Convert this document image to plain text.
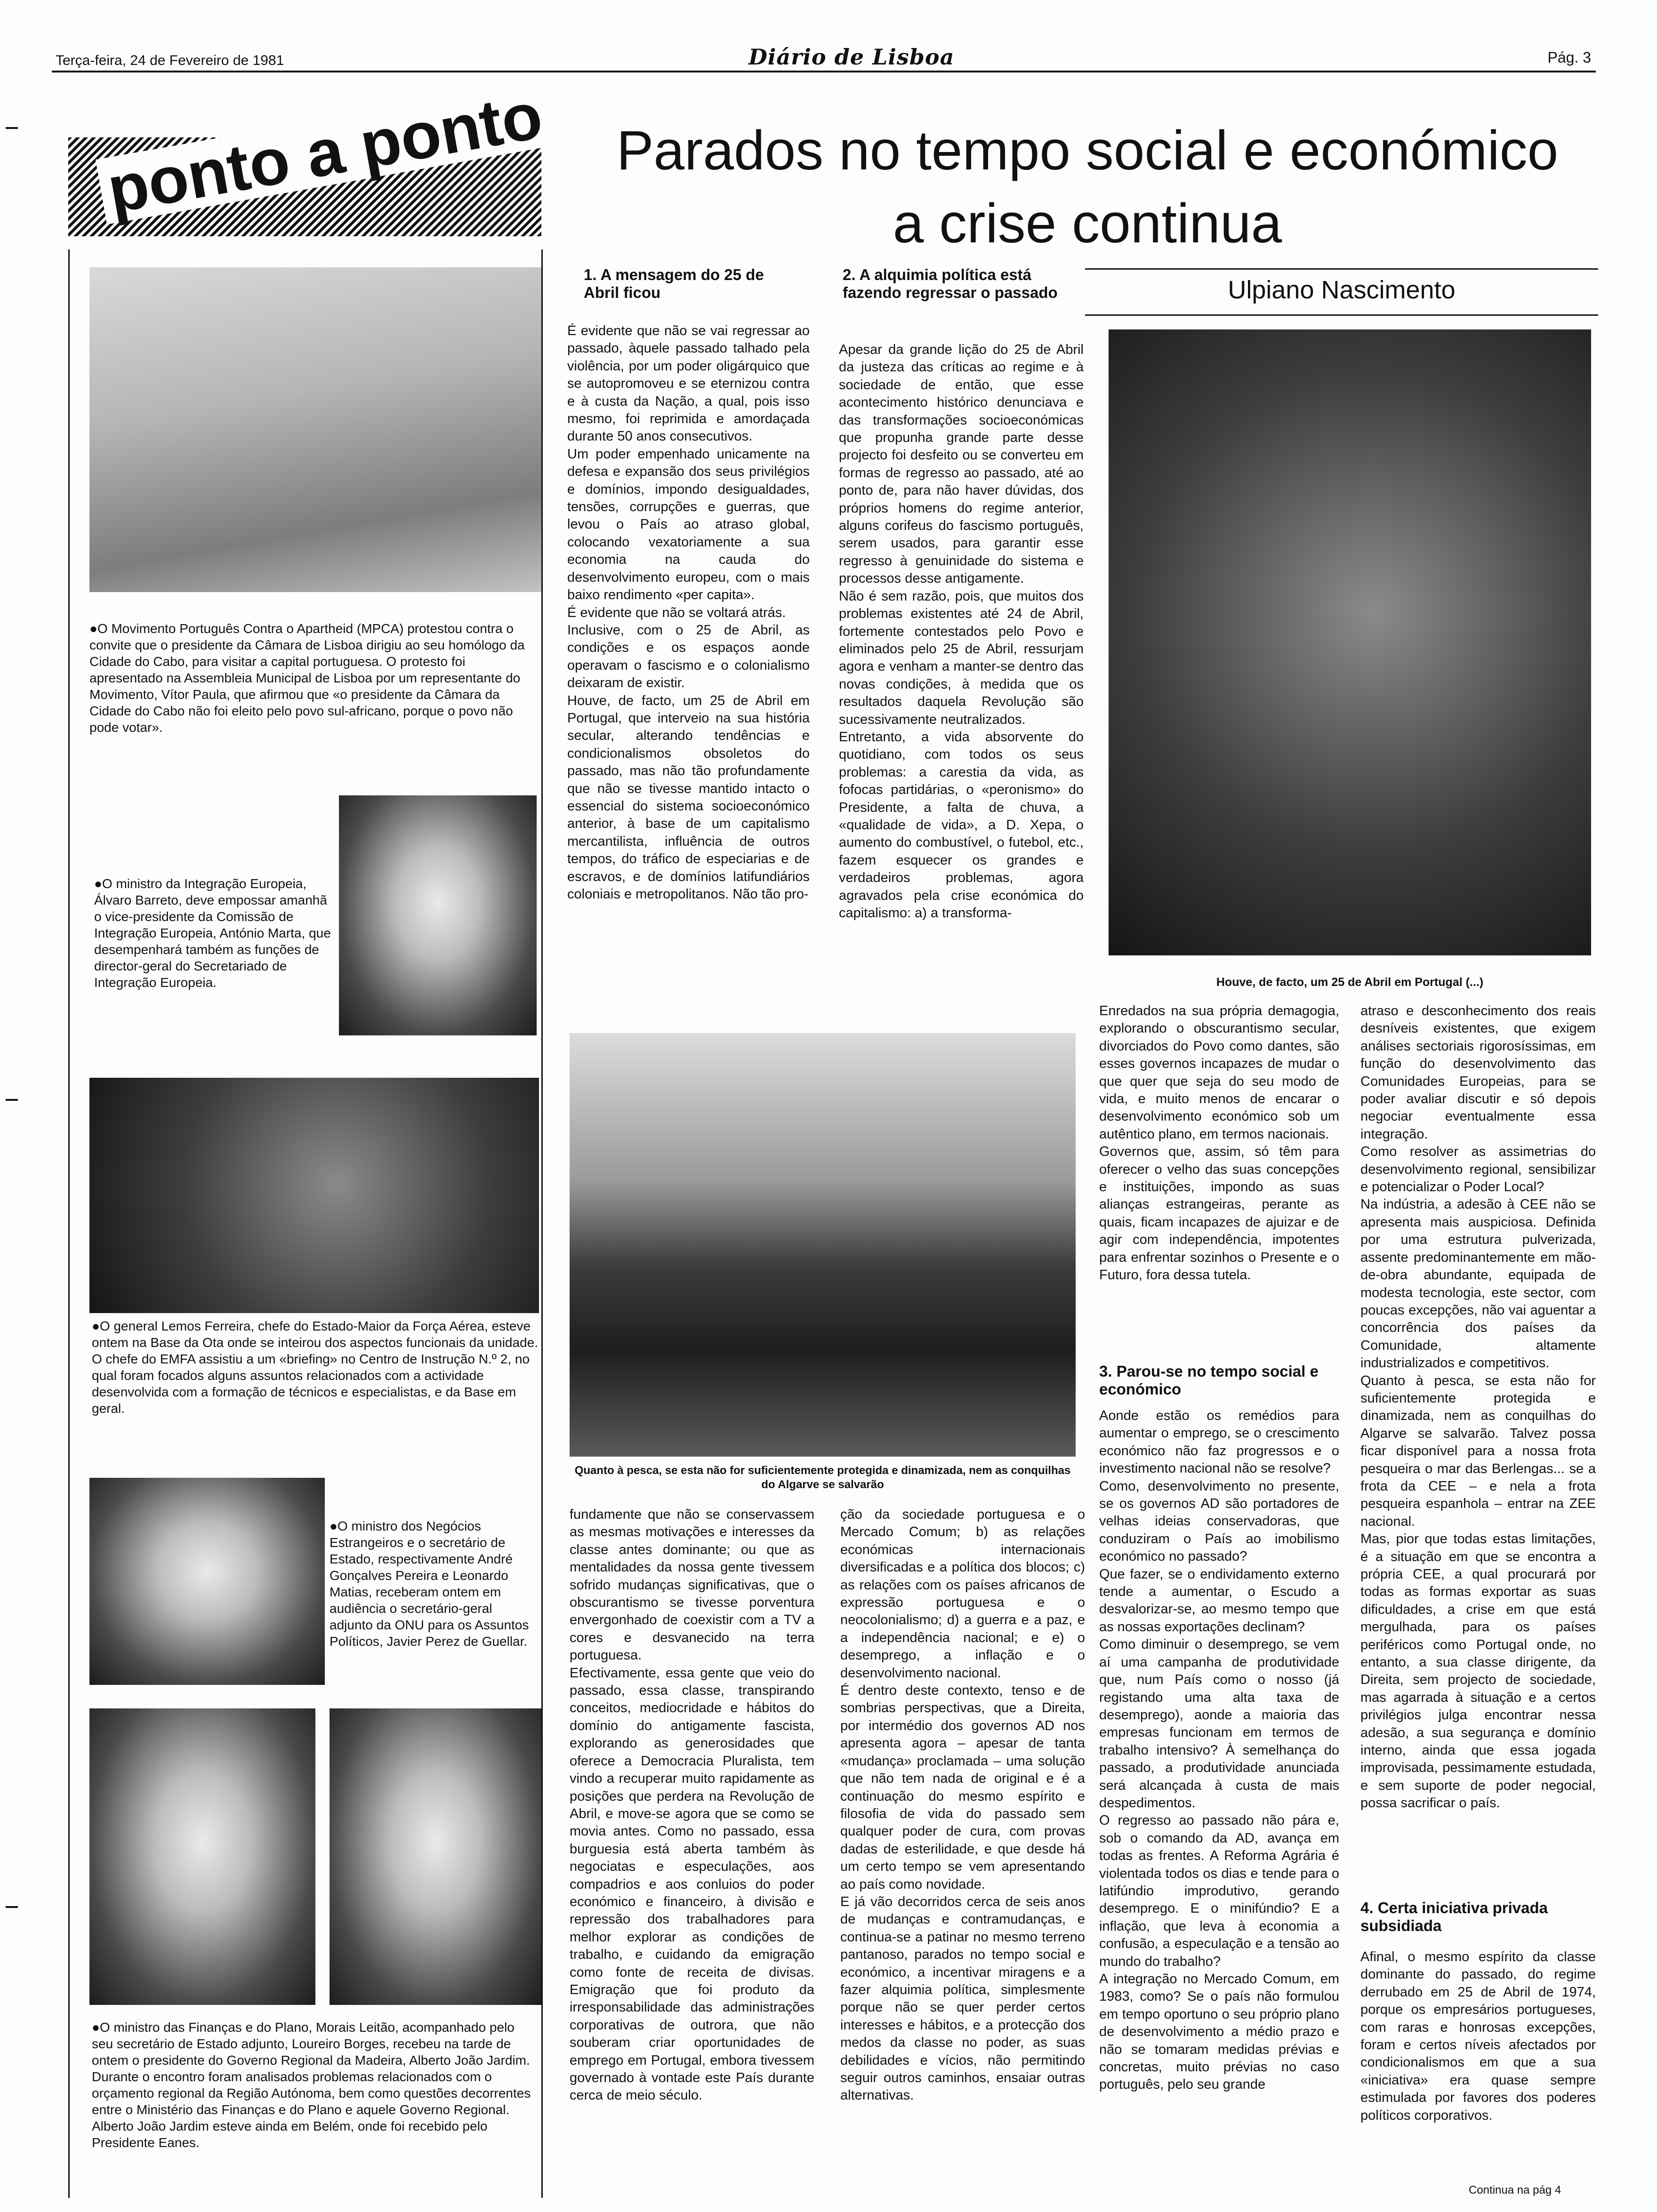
Terça-feira, 24 de Fevereiro de 1981	Diário de Lisboa	Pág. 3
ponto a ponto	Parados no tempo social e económico
a crise continua
●O Movimento Português Contra o Apartheid (MPCA) protestou contra o convite que o presidente da Câmara de Lisboa dirigiu ao seu homólogo da Cidade do Cabo, para visitar a capital portuguesa. O protesto foi apresentado na Assembleia Municipal de Lisboa por um representante do Movimento, Vítor Paula, que afirmou que «o presidente da Câmara da Cidade do Cabo não foi eleito pelo povo sul-africano, porque o povo não pode votar».
●O ministro da Integração Europeia, Álvaro Barreto, deve empossar amanhã o vice-presidente da Comissão de Integração Europeia, António Marta, que desempenhará também as funções de director-geral do Secretariado de Integração Europeia.
●O general Lemos Ferreira, chefe do Estado-Maior da Força Aérea, esteve ontem na Base da Ota onde se inteirou dos aspectos funcionais da unidade. O chefe do EMFA assistiu a um «briefing» no Centro de Instrução N.º 2, no qual foram focados alguns assuntos relacionados com a actividade desenvolvida com a formação de técnicos e especialistas, e da Base em geral.
●O ministro dos Negócios Estrangeiros e o secretário de Estado, respectivamente André Gonçalves Pereira e Leonardo Matias, receberam ontem em audiência o secretário-geral adjunto da ONU para os Assuntos Políticos, Javier Perez de Guellar.
●O ministro das Finanças e do Plano, Morais Leitão, acompanhado pelo seu secretário de Estado adjunto, Loureiro Borges, recebeu na tarde de ontem o presidente do Governo Regional da Madeira, Alberto João Jardim. Durante o encontro foram analisados problemas relacionados com o orçamento regional da Região Autónoma, bem como questões decorrentes entre o Ministério das Finanças e do Plano e aquele Governo Regional. Alberto João Jardim esteve ainda em Belém, onde foi recebido pelo Presidente Eanes.
1. A mensagem do 25 de Abril ficou

É evidente que não se vai regressar ao passado, àquele passado talhado pela violência, por um poder oligárquico que se autopromoveu e se eternizou contra e à custa da Nação, a qual, pois isso mesmo, foi reprimida e amordaçada durante 50 anos consecutivos.
Um poder empenhado unicamente na defesa e expansão dos seus privilégios e domínios, impondo desigualdades, tensões, corrupções e guerras, que levou o País ao atraso global, colocando vexatoriamente a sua economia na cauda do desenvolvimento europeu, com o mais baixo rendimento «per capita».
É evidente que não se voltará atrás.
Inclusive, com o 25 de Abril, as condições e os espaços aonde operavam o fascismo e o colonialismo deixaram de existir.
Houve, de facto, um 25 de Abril em Portugal, que interveio na sua história secular, alterando tendências e condicionalismos obsoletos do passado, mas não tão profundamente que não se tivesse mantido intacto o essencial do sistema socioeconómico anterior, à base de um capitalismo mercantilista, influência de outros tempos, do tráfico de especiarias e de escravos, e de domínios latifundiários coloniais e metropolitanos. Não tão pro-

2. A alquimia política está fazendo regressar o passado

Apesar da grande lição do 25 de Abril da justeza das críticas ao regime e à sociedade de então, que esse acontecimento histórico denunciava e das transformações socioeconómicas que propunha grande parte desse projecto foi desfeito ou se converteu em formas de regresso ao passado, até ao ponto de, para não haver dúvidas, dos próprios homens do regime anterior, alguns corifeus do fascismo português, serem usados, para garantir esse regresso à genuinidade do sistema e processos desse antigamente.
Não é sem razão, pois, que muitos dos problemas existentes até 24 de Abril, fortemente contestados pelo Povo e eliminados pelo 25 de Abril, ressurjam agora e venham a manter-se dentro das novas condições, à medida que os resultados daquela Revolução são sucessivamente neutralizados.
Entretanto, a vida absorvente do quotidiano, com todos os seus problemas: a carestia da vida, as fofocas partidárias, o «peronismo» do Presidente, a falta de chuva, a «qualidade de vida», a D. Xepa, o aumento do combustível, o futebol, etc., fazem esquecer os grandes e verdadeiros problemas, agora agravados pela crise económica do capitalismo: a) a transforma-

Ulpiano Nascimento
Houve, de facto, um 25 de Abril em Portugal (...)
Quanto à pesca, se esta não for suficientemente protegida e dinamizada, nem as conquilhas do Algarve se salvarão

fundamente que não se conservassem as mesmas motivações e interesses da classe antes dominante; ou que as mentalidades da nossa gente tivessem sofrido mudanças significativas, que o obscurantismo se tivesse porventura envergonhado de coexistir com a TV a cores e desvanecido na terra portuguesa.
Efectivamente, essa gente que veio do passado, essa classe, transpirando conceitos, mediocridade e hábitos do domínio do antigamente fascista, explorando as generosidades que oferece a Democracia Pluralista, tem vindo a recuperar muito rapidamente as posições que perdera na Revolução de Abril, e move-se agora que se como se movia antes. Como no passado, essa burguesia está aberta também às negociatas e especulações, aos compadrios e aos conluios do poder económico e financeiro, à divisão e repressão dos trabalhadores para melhor explorar as condições de trabalho, e cuidando da emigração como fonte de receita de divisas. Emigração que foi produto da irresponsabilidade das administrações corporativas de outrora, que não souberam criar oportunidades de emprego em Portugal, embora tivessem governado à vontade este País durante cerca de meio século.

ção da sociedade portuguesa e o Mercado Comum; b) as relações económicas internacionais diversificadas e a política dos blocos; c) as relações com os países africanos de expressão portuguesa e o neocolonialismo; d) a guerra e a paz, e a independência nacional; e e) o desemprego, a inflação e o desenvolvimento nacional.
É dentro deste contexto, tenso e de sombrias perspectivas, que a Direita, por intermédio dos governos AD nos apresenta agora – apesar de tanta «mudança» proclamada – uma solução que não tem nada de original e é a continuação do mesmo espírito e filosofia de vida do passado sem qualquer poder de cura, com provas dadas de esterilidade, e que desde há um certo tempo se vem apresentando ao país como novidade.
E já vão decorridos cerca de seis anos de mudanças e contramudanças, e continua-se a patinar no mesmo terreno pantanoso, parados no tempo social e económico, a incentivar miragens e a fazer alquimia política, simplesmente porque não se quer perder certos interesses e hábitos, e a protecção dos medos da classe no poder, as suas debilidades e vícios, não permitindo seguir outros caminhos, ensaiar outras alternativas.

Enredados na sua própria demagogia, explorando o obscurantismo secular, divorciados do Povo como dantes, são esses governos incapazes de mudar o que quer que seja do seu modo de vida, e muito menos de encarar o desenvolvimento económico sob um autêntico plano, em termos nacionais.
Governos que, assim, só têm para oferecer o velho das suas concepções e instituições, impondo as suas alianças estrangeiras, perante as quais, ficam incapazes de ajuizar e de agir com independência, impotentes para enfrentar sozinhos o Presente e o Futuro, fora dessa tutela.

3. Parou-se no tempo social e económico

Aonde estão os remédios para aumentar o emprego, se o crescimento económico não faz progressos e o investimento nacional não se resolve?
Como, desenvolvimento no presente, se os governos AD são portadores de velhas ideias conservadoras, que conduziram o País ao imobilismo económico no passado?
Que fazer, se o endividamento externo tende a aumentar, o Escudo a desvalorizar-se, ao mesmo tempo que as nossas exportações declinam?
Como diminuir o desemprego, se vem aí uma campanha de produtividade que, num País como o nosso (já registando uma alta taxa de desemprego), aonde a maioria das empresas funcionam em termos de trabalho intensivo? À semelhança do passado, a produtividade anunciada será alcançada à custa de mais despedimentos.
O regresso ao passado não pára e, sob o comando da AD, avança em todas as frentes. A Reforma Agrária é violentada todos os dias e tende para o latifúndio improdutivo, gerando desemprego. E o minifúndio? E a inflação, que leva à economia a confusão, a especulação e a tensão ao mundo do trabalho?
A integração no Mercado Comum, em 1983, como? Se o país não formulou em tempo oportuno o seu próprio plano de desenvolvimento a médio prazo e não se tomaram medidas prévias e concretas, muito prévias no caso português, pelo seu grande

atraso e desconhecimento dos reais desníveis existentes, que exigem análises sectoriais rigorosíssimas, em função do desenvolvimento das Comunidades Europeias, para se poder avaliar discutir e só depois negociar eventualmente essa integração.
Como resolver as assimetrias do desenvolvimento regional, sensibilizar e potencializar o Poder Local?
Na indústria, a adesão à CEE não se apresenta mais auspiciosa. Definida por uma estrutura pulverizada, assente predominantemente em mão-de-obra abundante, equipada de modesta tecnologia, este sector, com poucas excepções, não vai aguentar a concorrência dos países da Comunidade, altamente industrializados e competitivos.
Quanto à pesca, se esta não for suficientemente protegida e dinamizada, nem as conquilhas do Algarve se salvarão. Talvez possa ficar disponível para a nossa frota pesqueira o mar das Berlengas... se a frota da CEE – e nela a frota pesqueira espanhola – entrar na ZEE nacional.
Mas, pior que todas estas limitações, é a situação em que se encontra a própria CEE, a qual procurará por todas as formas exportar as suas dificuldades, a crise em que está mergulhada, para os países periféricos como Portugal onde, no entanto, a sua classe dirigente, da Direita, sem projecto de sociedade, mas agarrada à situação e a certos privilégios julga encontrar nessa adesão, a sua segurança e domínio interno, ainda que essa jogada improvisada, pessimamente estudada, e sem suporte de poder negocial, possa sacrificar o país.

4. Certa iniciativa privada subsidiada

Afinal, o mesmo espírito da classe dominante do passado, do regime derrubado em 25 de Abril de 1974, porque os empresários portugueses, com raras e honrosas excepções, foram e certos níveis afectados por condicionalismos em que a sua «iniciativa» era quase sempre estimulada por favores dos poderes políticos corporativos.

Continua na pág 4
